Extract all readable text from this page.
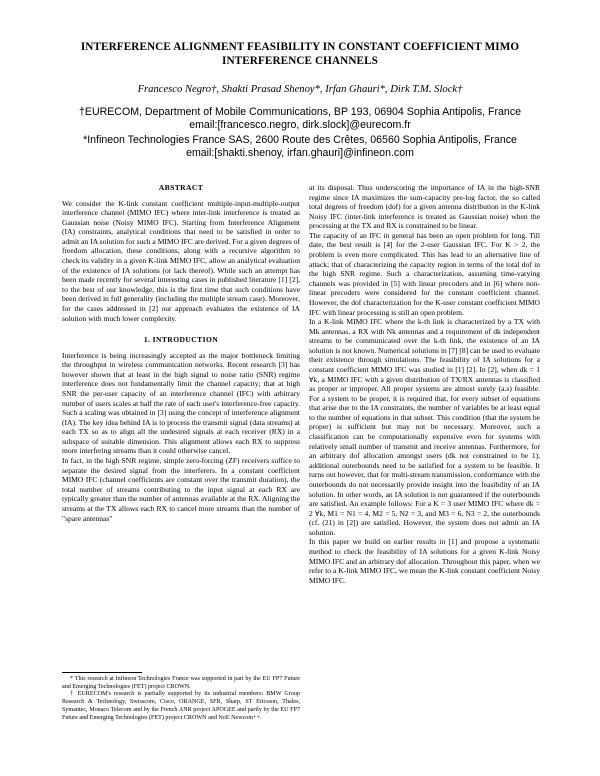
INTERFERENCE ALIGNMENT FEASIBILITY IN CONSTANT COEFFICIENT MIMO INTERFERENCE CHANNELS
Francesco Negro†, Shakti Prasad Shenoy*, Irfan Ghauri*, Dirk T.M. Slock†
†EURECOM, Department of Mobile Communications, BP 193, 06904 Sophia Antipolis, France
email:[francesco.negro, dirk.slock]@eurecom.fr
*Infineon Technologies France SAS, 2600 Route des Crêtes, 06560 Sophia Antipolis, France
email:[shakti.shenoy, irfan.ghauri]@infineon.com
ABSTRACT

We consider the K-link constant coefficient multiple-input-multiple-output interference channel (MIMO IFC) where inter-link interference is treated as Gaussian noise (Noisy MIMO IFC). Starting from Interference Alignment (IA) constraints, analytical conditions that need to be satisfied in order to admit an IA solution for such a MIMO IFC are derived. For a given degrees of freedom allocation, these conditions, along with a recursive algorithm to check its validity in a given K-link MIMO IFC, allow an analytical evaluation of the existence of IA solutions (or lack thereof). While such an attempt has been made recently for several interesting cases in published literature [1] [2], to the best of our knowledge, this is the first time that such conditions have been derived in full generality (including the multiple stream case). Moreover, for the cases addressed in [2] our approach evaluates the existence of IA solution with much lower complexity.

1. INTRODUCTION

Interference is being increasingly accepted as the major bottleneck limiting the throughput in wireless communication networks. Recent research [3] has however shown that at least in the high signal to noise ratio (SNR) regime interference does not fundamentally limit the channel capacity; that at high SNR the per-user capacity of an interference channel (IFC) with arbitrary number of users scales at half the rate of each user's interference-free capacity. Such a scaling was obtained in [3] using the concept of interference alignment (IA). The key idea behind IA is to process the transmit signal (data streams) at each TX so as to align all the undesired signals at each receiver (RX) in a subspace of suitable dimension. This alignment allows each RX to suppress more interfering streams than it could otherwise cancel.

In fact, in the high SNR regime, simple zero-forcing (ZF) receivers suffice to separate the desired signal from the interferers. In a constant coefficient MIMO IFC (channel coefficients are constant over the transmit duration), the total number of streams contributing to the input signal at each RX are typically greater than the number of antennas available at the RX. Aligning the streams at the TX allows each RX to cancel more streams than the number of "spare antennas"

at its disposal. Thus underscoring the importance of IA in the high-SNR regime since IA maximizes the sum-capacity pre-log factor, the so called total degrees of freedom (dof) for a given antenna distribution in the K-link Noisy IFC (inter-link interference is treated as Gaussian noise) when the processing at the TX and RX is constrained to be linear.

The capacity of an IFC in general has been an open problem for long. Till date, the best result is [4] for the 2-user Gaussian IFC. For K > 2, the problem is even more complicated. This has lead to an alternative line of attack; that of characterizing the capacity region in terms of the total dof in the high SNR regime. Such a characterization, assuming time-varying channels was provided in [5] with linear precoders and in [6] where non-linear precoders were considered for the constant coefficient channel. However, the dof characterization for the K-user constant coefficient MIMO IFC with linear processing is still an open problem.

In a K-link MIMO IFC where the k-th link is characterized by a TX with Mk antennas, a RX with Nk antennas and a requirement of dk independent streams to be communicated over the k-th link, the existence of an IA solution is not known. Numerical solutions in [7] [8] can be used to evaluate their existence through simulations. The feasibility of IA solutions for a constant coefficient MIMO IFC was studied in [1] [2]. In [2], when dk = 1 ∀k, a MIMO IFC with a given distribution of TX/RX antennas is classified as proper or improper. All proper systems are almost surely (a.s) feasible. For a system to be proper, it is required that, for every subset of equations that arise due to the IA constraints, the number of variables be at least equal to the number of equations in that subset. This condition (that the system be proper) is sufficient but may not be necessary. Moreover, such a classification can be computationally expensive even for systems with relatively small number of transmit and receive antennas. Furthermore, for an arbitrary dof allocation amongst users (dk not constrained to be 1), additional outerbounds need to be satisfied for a system to be feasible. It turns out however, that for multi-stream transmission, conformance with the outerbounds do not necessarily provide insight into the feasibility of an IA solution. In other words, an IA solution is not guaranteed if the outerbounds are satisfied. An example follows: For a K = 3 user MIMO IFC where dk = 2 ∀k, M1 = N1 = 4, M2 = 5, N2 = 3, and M3 = 6, N3 = 2, the outerbounds (cf. (21) in [2]) are satisfied. However, the system does not admit an IA solution.

In this paper we build on earlier results in [1] and propose a systematic method to check the feasibility of IA solutions for a given K-link Noisy MIMO IFC and an arbitrary dof allocation. Throughout this paper, when we refer to a K-link MIMO IFC, we mean the K-link constant coefficient Noisy MIMO IFC.

* This research at Infineon Technologies France was supported in part by the EU FP7 Future and Emerging Technologies (FET) project CROWN.

† EURECOM's research is partially supported by its industrial members: BMW Group Research & Technology, Swisscom, Cisco, ORANGE, SFR, Sharp, ST Ericsson, Thales, Symantec, Monaco Telecom and by the French ANR project APOGEE and partly by the EU FP7 Future and Emerging Technologies (FET) project CROWN and NoE Newcom++.
